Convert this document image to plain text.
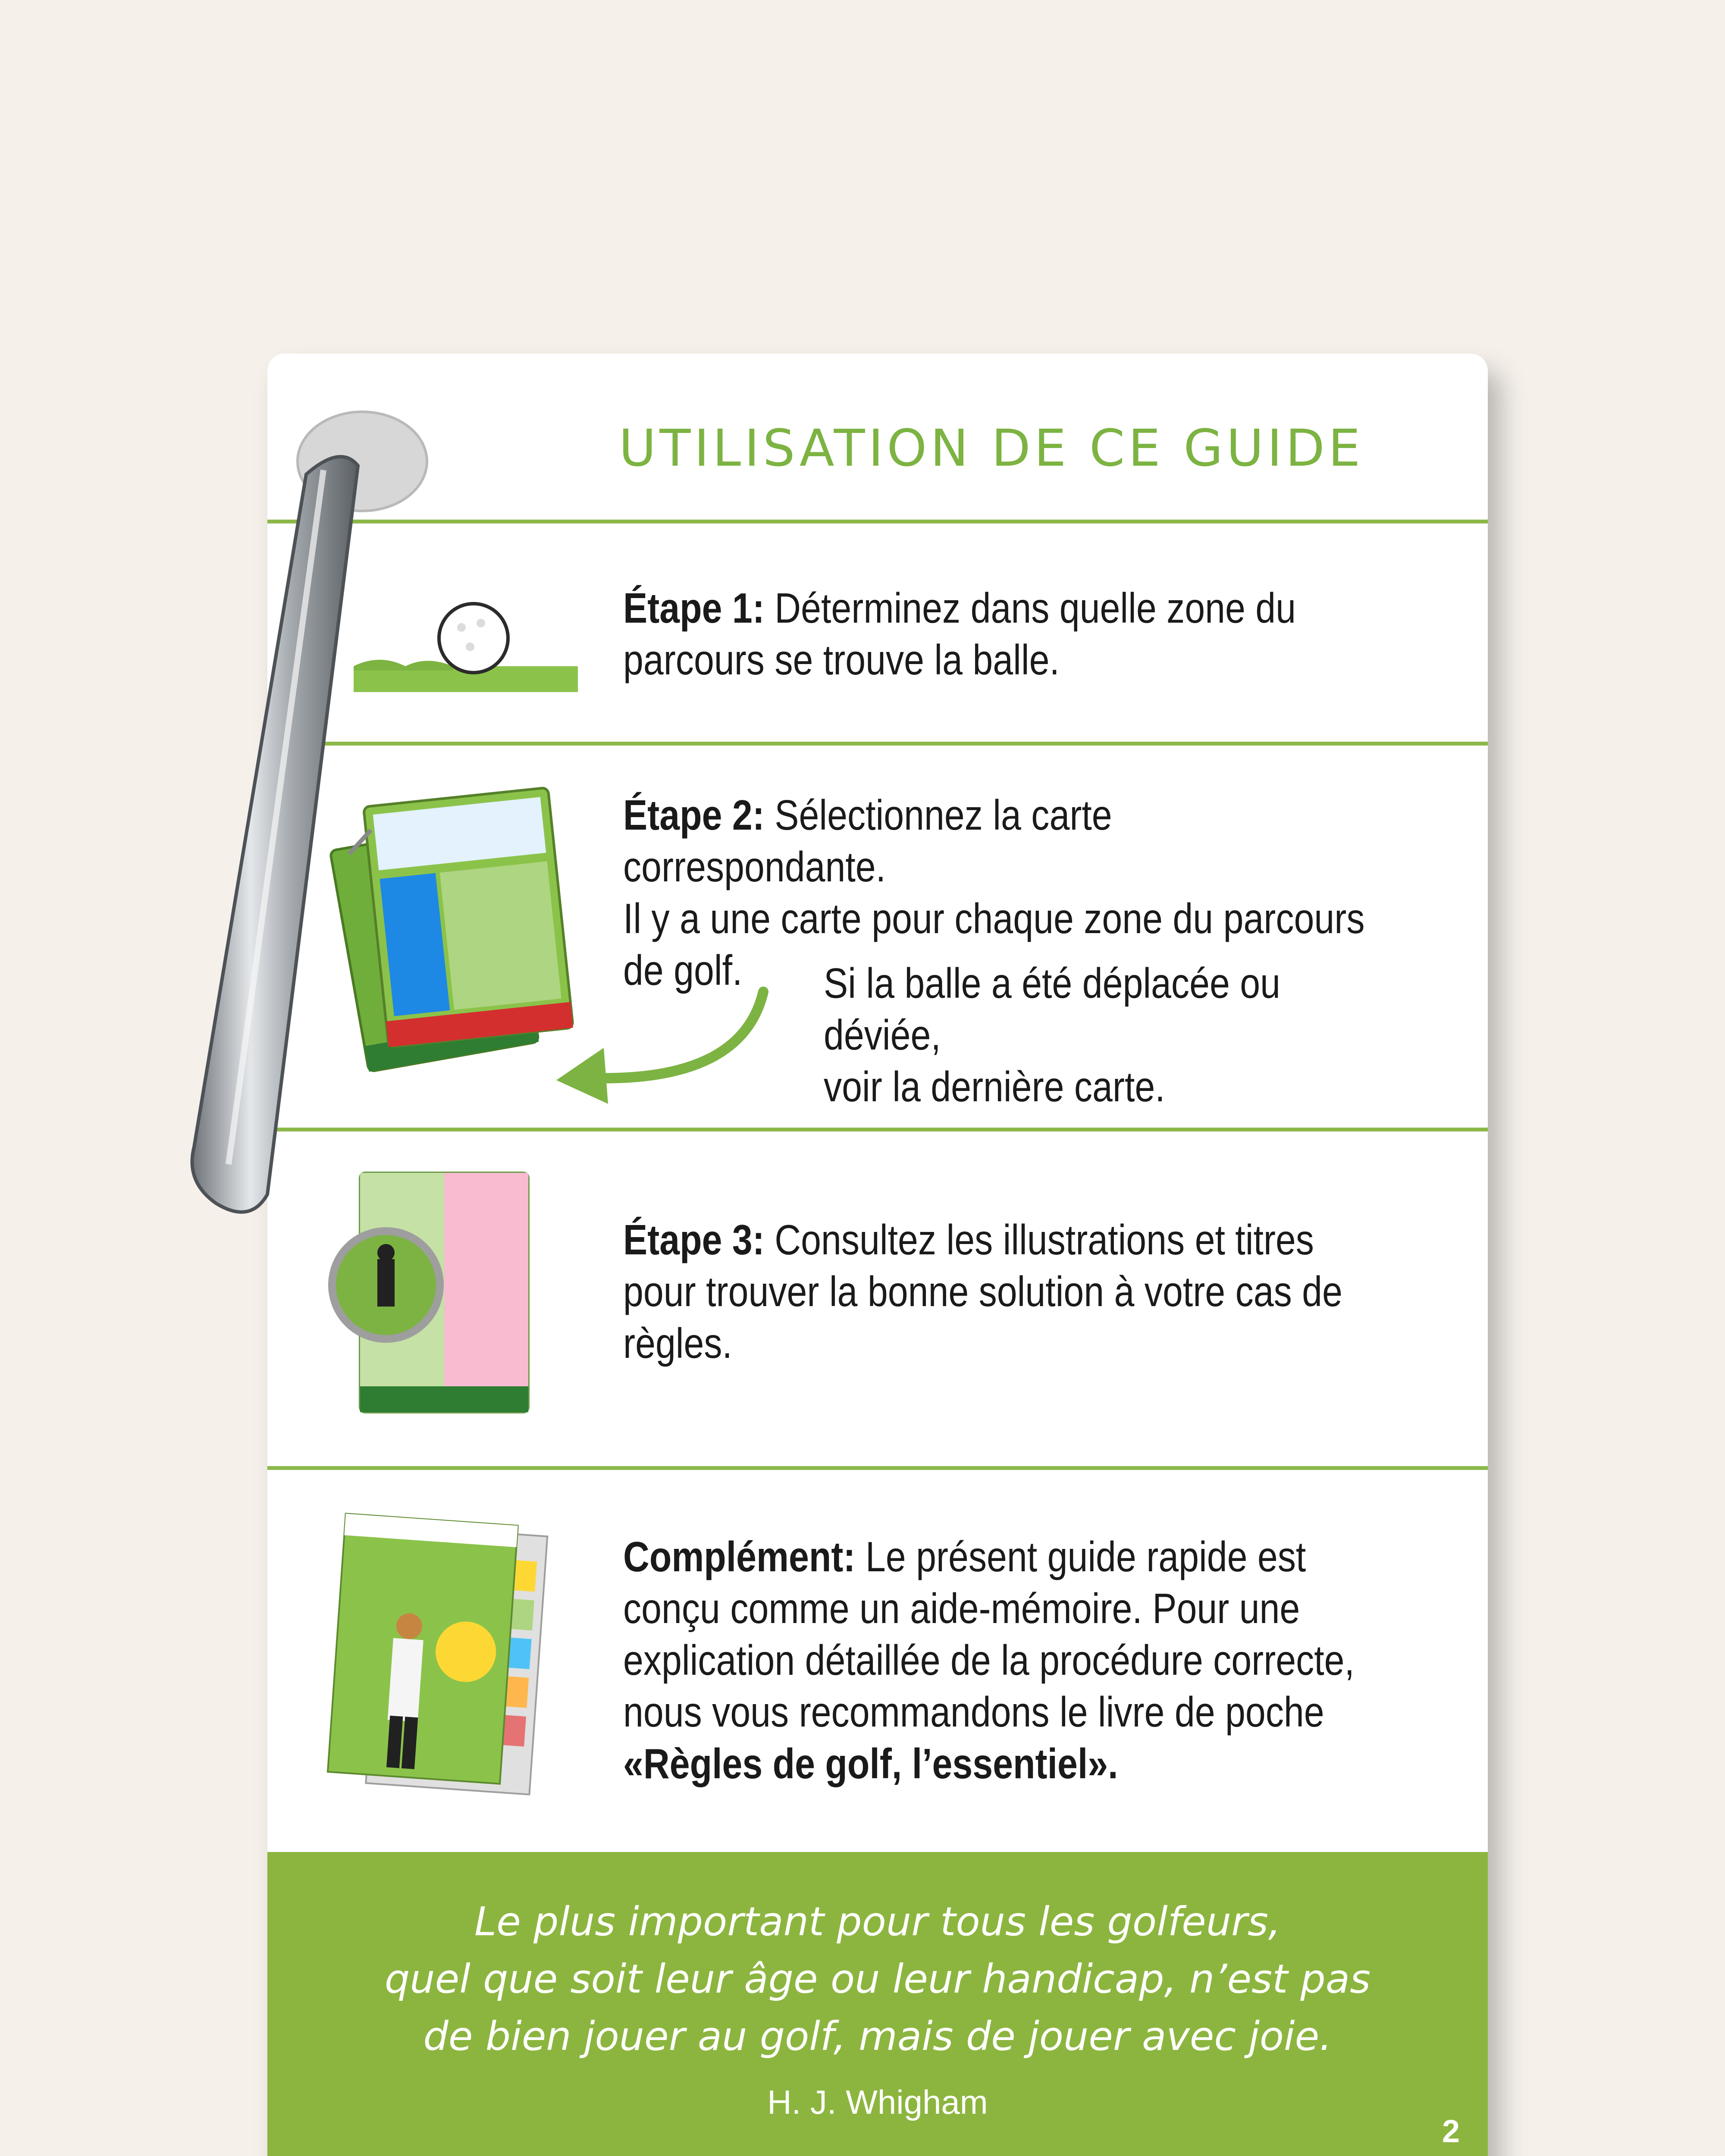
UTILISATION DE CE GUIDE
Étape 1: Déterminez dans quelle zone du
parcours se trouve la balle.
Étape 2: Sélectionnez la carte correspondante.
Il y a une carte pour chaque zone du parcours
de golf.	Si la balle a été déplacée ou déviée,
voir la dernière carte.
Étape 3: Consultez les illustrations et titres
pour trouver la bonne solution à votre cas de
règles.
Complément: Le présent guide rapide est
conçu comme un aide-mémoire. Pour une
explication détaillée de la procédure correcte,
nous vous recommandons le livre de poche
«Règles de golf, l’essentiel».
Le plus important pour tous les golfeurs,
quel que soit leur âge ou leur handicap, n’est pas
de bien jouer au golf, mais de jouer avec joie.
H. J. Whigham
2
